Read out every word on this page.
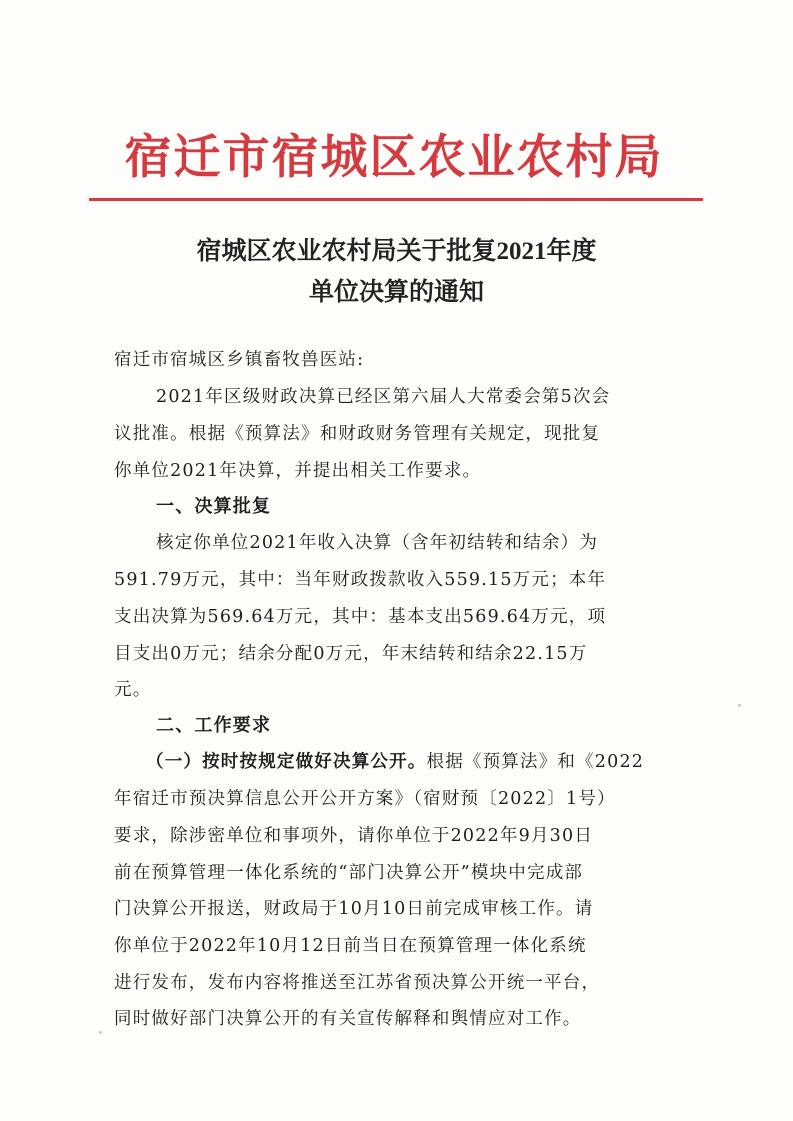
宿迁市宿城区农业农村局
宿城区农业农村局关于批复2021年度
单位决算的通知
宿迁市宿城区乡镇畜牧兽医站:
2021年区级财政决算已经区第六届人大常委会第5次会
议批准。根据《预算法》和财政财务管理有关规定，现批复
你单位2021年决算，并提出相关工作要求。
一、决算批复
核定你单位2021年收入决算（含年初结转和结余）为
591.79万元，其中：当年财政拨款收入559.15万元；本年
支出决算为569.64万元，其中：基本支出569.64万元，项
目支出0万元；结余分配0万元，年末结转和结余22.15万
元。
二、工作要求
（一）按时按规定做好决算公开。根据《预算法》和《2022
年宿迁市预决算信息公开公开方案》（宿财预〔2022〕1号）
要求，除涉密单位和事项外，请你单位于2022年9月30日
前在预算管理一体化系统的“部门决算公开”模块中完成部
门决算公开报送，财政局于10月10日前完成审核工作。请
你单位于2022年10月12日前当日在预算管理一体化系统
进行发布，发布内容将推送至江苏省预决算公开统一平台，
同时做好部门决算公开的有关宣传解释和舆情应对工作。
